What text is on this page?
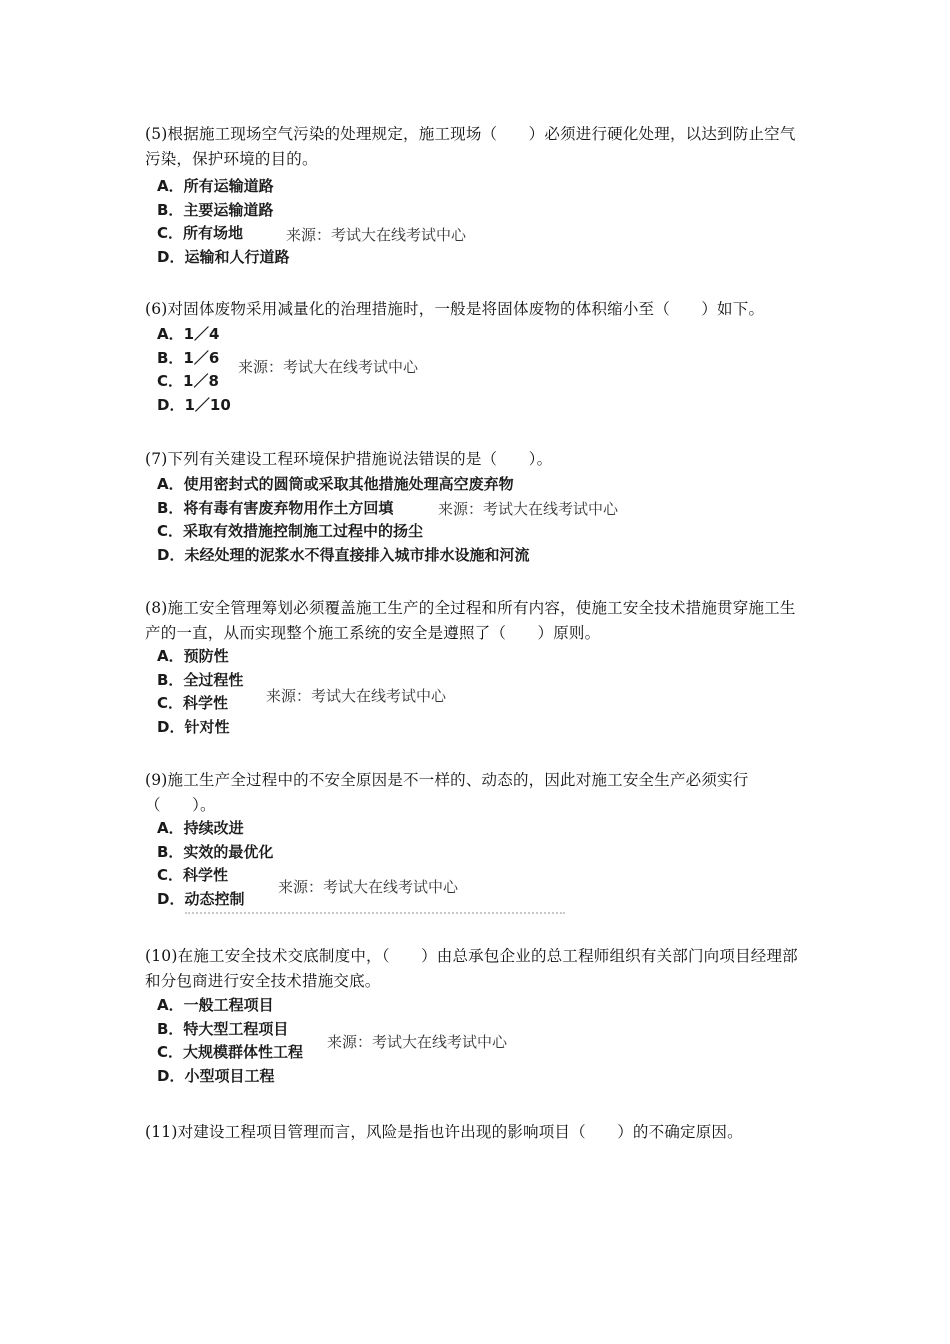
(5)根据施工现场空气污染的处理规定，施工现场（　　）必须进行硬化处理，以达到防止空气污染，保护环境的目的。
A．所有运输道路
B．主要运输道路
C．所有场地
D．运输和人行道路
来源：考试大在线考试中心
(6)对固体废物采用减量化的治理措施时，一般是将固体废物的体积缩小至（　　）如下。
A．1／4
B．1／6
C．1／8
D．1／10
来源：考试大在线考试中心
(7)下列有关建设工程环境保护措施说法错误的是（　　）。
A．使用密封式的圆筒或采取其他措施处理高空废弃物
B．将有毒有害废弃物用作土方回填
C．采取有效措施控制施工过程中的扬尘
D．未经处理的泥浆水不得直接排入城市排水设施和河流
来源：考试大在线考试中心
(8)施工安全管理筹划必须覆盖施工生产的全过程和所有内容，使施工安全技术措施贯穿施工生产的一直，从而实现整个施工系统的安全是遵照了（　　）原则。
A．预防性
B．全过程性
C．科学性
D．针对性
来源：考试大在线考试中心
(9)施工生产全过程中的不安全原因是不一样的、动态的，因此对施工安全生产必须实行（　　）。
A．持续改进
B．实效的最优化
C．科学性
D．动态控制
来源：考试大在线考试中心
(10)在施工安全技术交底制度中，（　　）由总承包企业的总工程师组织有关部门向项目经理部和分包商进行安全技术措施交底。
A．一般工程项目
B．特大型工程项目
C．大规模群体性工程
D．小型项目工程
来源：考试大在线考试中心
(11)对建设工程项目管理而言，风险是指也许出现的影响项目（　　）的不确定原因。
